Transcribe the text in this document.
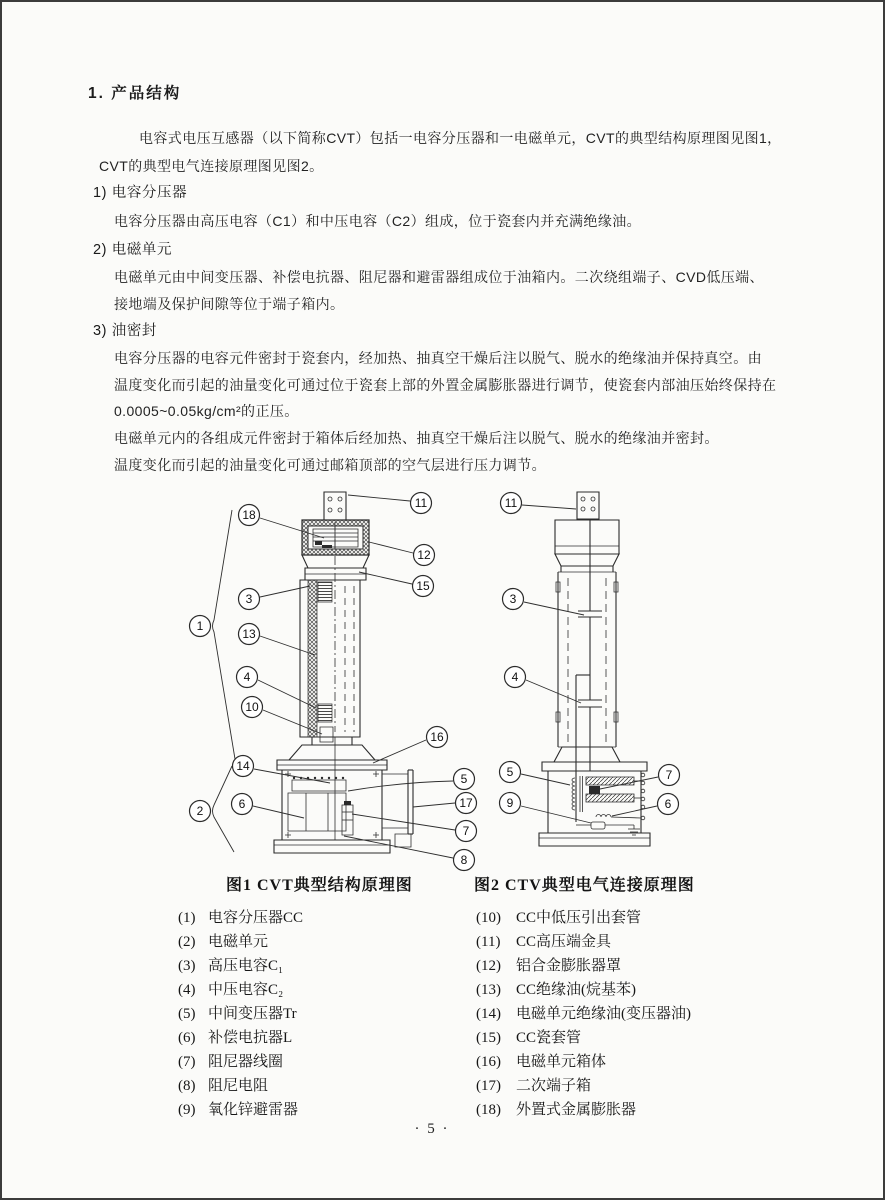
1. 产品结构
电容式电压互感器（以下简称CVT）包括一电容分压器和一电磁单元，CVT的典型结构原理图见图1，
CVT的典型电气连接原理图见图2。
1) 电容分压器
电容分压器由高压电容（C1）和中压电容（C2）组成，位于瓷套内并充满绝缘油。
2) 电磁单元
电磁单元由中间变压器、补偿电抗器、阻尼器和避雷器组成位于油箱内。二次绕组端子、CVD低压端、
接地端及保护间隙等位于端子箱内。
3) 油密封
电容分压器的电容元件密封于瓷套内，经加热、抽真空干燥后注以脱气、脱水的绝缘油并保持真空。由
温度变化而引起的油量变化可通过位于瓷套上部的外置金属膨胀器进行调节，使瓷套内部油压始终保持在
0.0005~0.05kg/cm²的正压。
电磁单元内的各组成元件密封于箱体后经加热、抽真空干燥后注以脱气、脱水的绝缘油并密封。
温度变化而引起的油量变化可通过邮箱顶部的空气层进行压力调节。
11
18
12
15
3
1
13
4
10
16
14
5
6
2
17
7
8
11
3
4
5
9
7
6
图1 CVT典型结构原理图	图2 CTV典型电气连接原理图
(1) 电容分压器CC
(2) 电磁单元
(3) 高压电容C₁
(4) 中压电容C₂
(5) 中间变压器Tr
(6) 补偿电抗器L
(7) 阻尼器线圈
(8) 阻尼电阻
(9) 氧化锌避雷器
(10) CC中低压引出套管
(11) CC高压端金具
(12) 铝合金膨胀器罩
(13) CC绝缘油(烷基苯)
(14) 电磁单元绝缘油(变压器油)
(15) CC瓷套管
(16) 电磁单元箱体
(17) 二次端子箱
(18) 外置式金属膨胀器
· 5 ·
